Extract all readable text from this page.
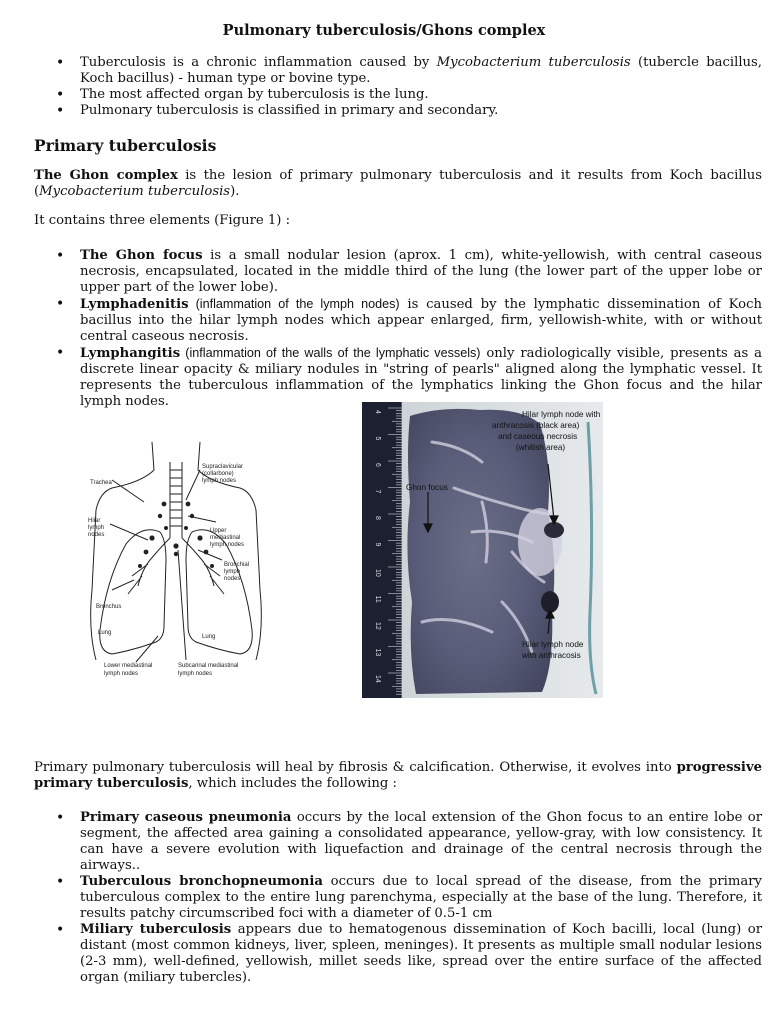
Pulmonary tuberculosis/Ghons complex
• Tuberculosis is a chronic inflammation caused by Mycobacterium tuberculosis (tubercle bacillus, Koch bacillus) - human type or bovine type.
• The most affected organ by tuberculosis is the lung.
• Pulmonary tuberculosis is classified in primary and secondary.
Primary tuberculosis
The Ghon complex is the lesion of primary pulmonary tuberculosis and it results from Koch bacillus (Mycobacterium tuberculosis).
It contains three elements (Figure 1) :
• The Ghon focus is a small nodular lesion (aprox. 1 cm), white-yellowish, with central caseous necrosis, encapsulated, located in the middle third of the lung (the lower part of the upper lobe or upper part of the lower lobe).
• Lymphadenitis (inflammation of the lymph nodes) is caused by the lymphatic dissemination of Koch bacillus into the hilar lymph nodes which appear enlarged, firm, yellowish-white, with or without central caseous necrosis.
• Lymphangitis (inflammation of the walls of the lymphatic vessels) only radiologically visible, presents as a discrete linear opacity & miliary nodules in "string of pearls" aligned along the lymphatic vessel. It represents the tuberculous inflammation of the lymphatics linking the Ghon focus and the hilar lymph nodes.
Supraclavicular
(collarbone)
lymph nodes
Trachea
Hilar
lymph
nodes
Upper
mediastinal
lymph nodes
Bronchial
lymph
nodes
Bronchus
Lung
Lung
Lower mediastinal
lymph nodes
Subcarinal mediastinal
lymph nodes
4
5
6
7
8
9
10
11
12
13
14
Hilar lymph node with
anthracosis (black area)
and caseous necrosis
(whitish area)
Ghon focus
Hilar lymph node
with anthracosis
Primary pulmonary tuberculosis will heal by fibrosis & calcification. Otherwise, it evolves into progressive primary tuberculosis, which includes the following :
• Primary caseous pneumonia occurs by the local extension of the Ghon focus to an entire lobe or segment, the affected area gaining a consolidated appearance, yellow-gray, with low consistency. It can have a severe evolution with liquefaction and drainage of the central necrosis through the airways..
• Tuberculous bronchopneumonia occurs due to local spread of the disease, from the primary tuberculous complex to the entire lung parenchyma, especially at the base of the lung. Therefore, it results patchy circumscribed foci with a diameter of 0.5-1 cm
• Miliary tuberculosis appears due to hematogenous dissemination of Koch bacilli, local (lung) or distant (most common kidneys, liver, spleen, meninges). It presents as multiple small nodular lesions (2-3 mm), well-defined, yellowish, millet seeds like, spread over the entire surface of the affected organ (miliary tubercles).
